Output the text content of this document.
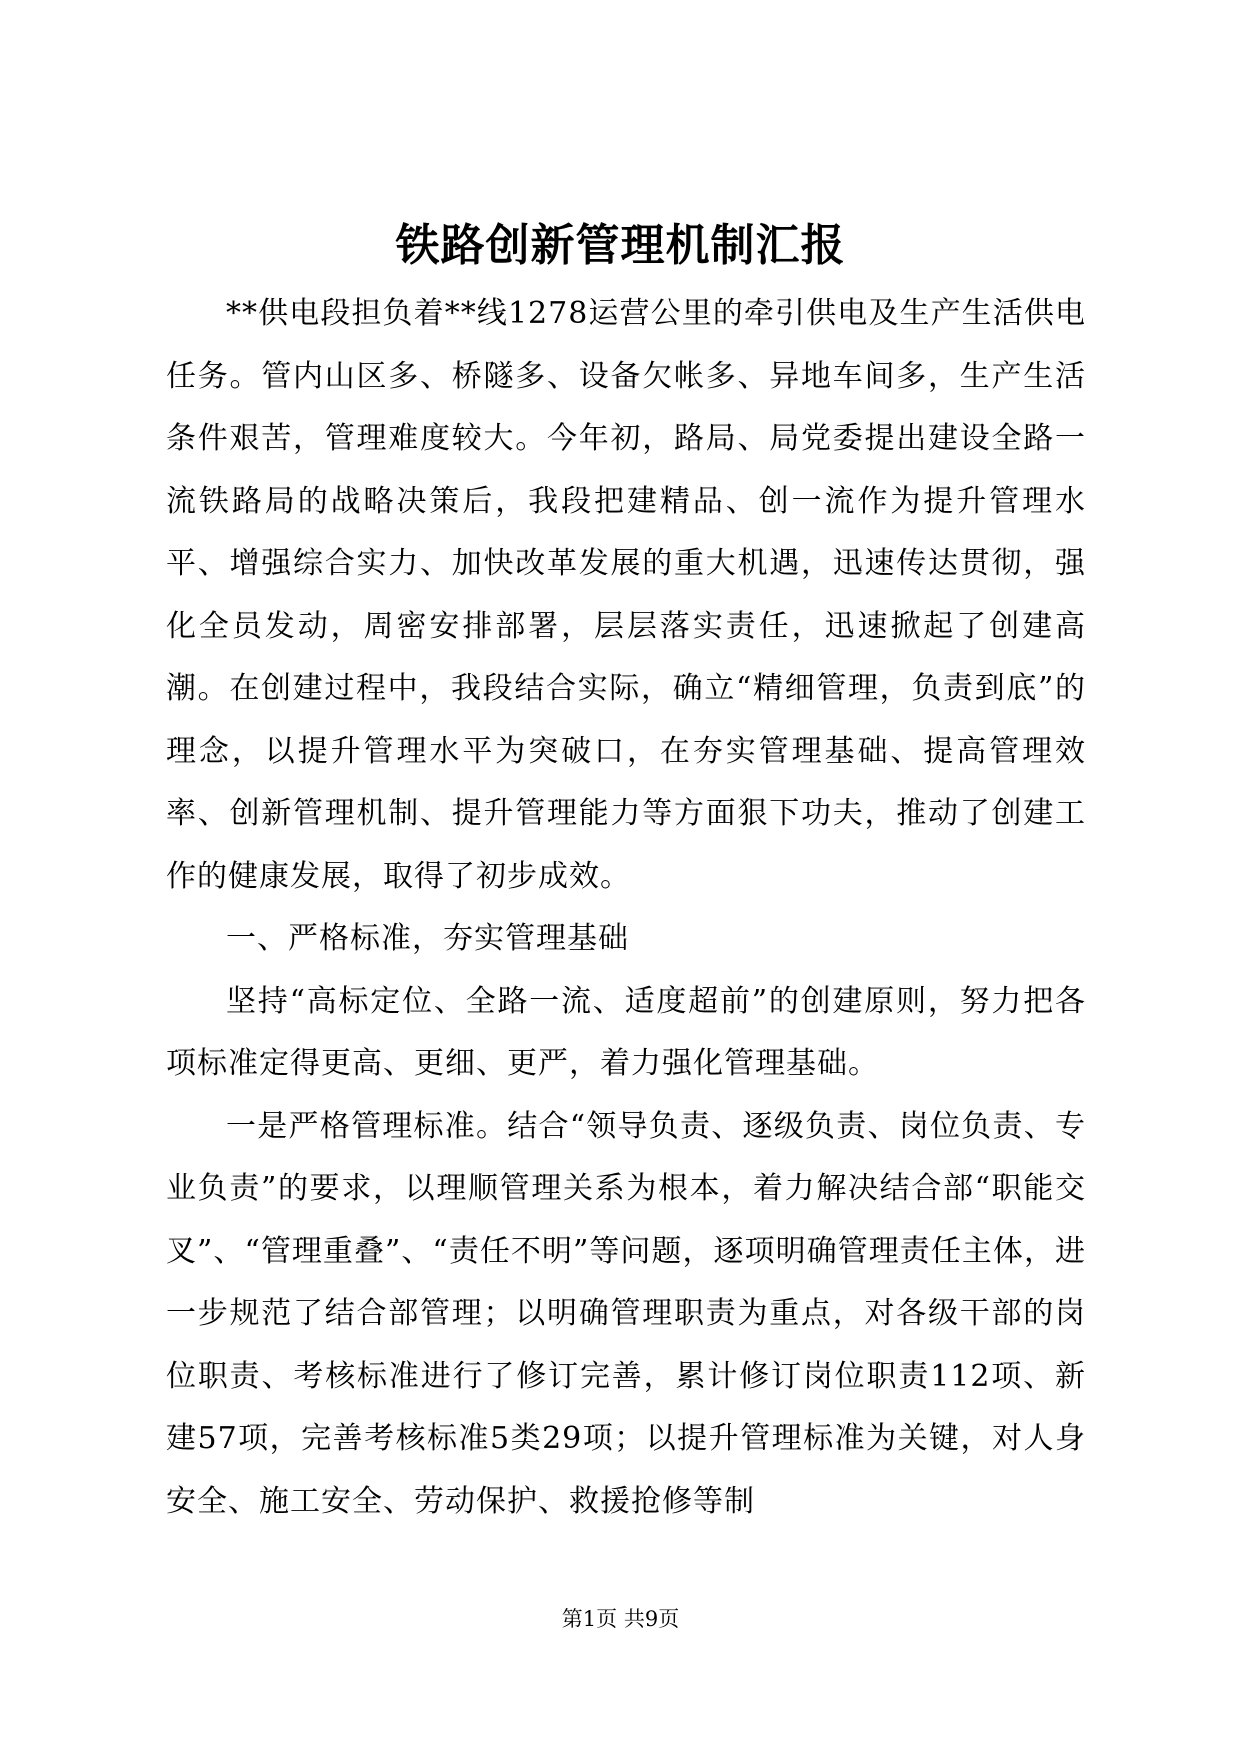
铁路创新管理机制汇报

**供电段担负着**线1278运营公里的牵引供电及生产生活供电任务。管内山区多、桥隧多、设备欠帐多、异地车间多，生产生活条件艰苦，管理难度较大。今年初，路局、局党委提出建设全路一流铁路局的战略决策后，我段把建精品、创一流作为提升管理水平、增强综合实力、加快改革发展的重大机遇，迅速传达贯彻，强化全员发动，周密安排部署，层层落实责任，迅速掀起了创建高潮。在创建过程中，我段结合实际，确立“精细管理，负责到底”的理念，以提升管理水平为突破口，在夯实管理基础、提高管理效率、创新管理机制、提升管理能力等方面狠下功夫，推动了创建工作的健康发展，取得了初步成效。

一、严格标准，夯实管理基础

坚持“高标定位、全路一流、适度超前”的创建原则，努力把各项标准定得更高、更细、更严，着力强化管理基础。

一是严格管理标准。结合“领导负责、逐级负责、岗位负责、专业负责”的要求，以理顺管理关系为根本，着力解决结合部“职能交叉”、“管理重叠”、“责任不明”等问题，逐项明确管理责任主体，进一步规范了结合部管理；以明确管理职责为重点，对各级干部的岗位职责、考核标准进行了修订完善，累计修订岗位职责112项、新建57项，完善考核标准5类29项；以提升管理标准为关键，对人身安全、施工安全、劳动保护、救援抢修等制

第1页 共9页
